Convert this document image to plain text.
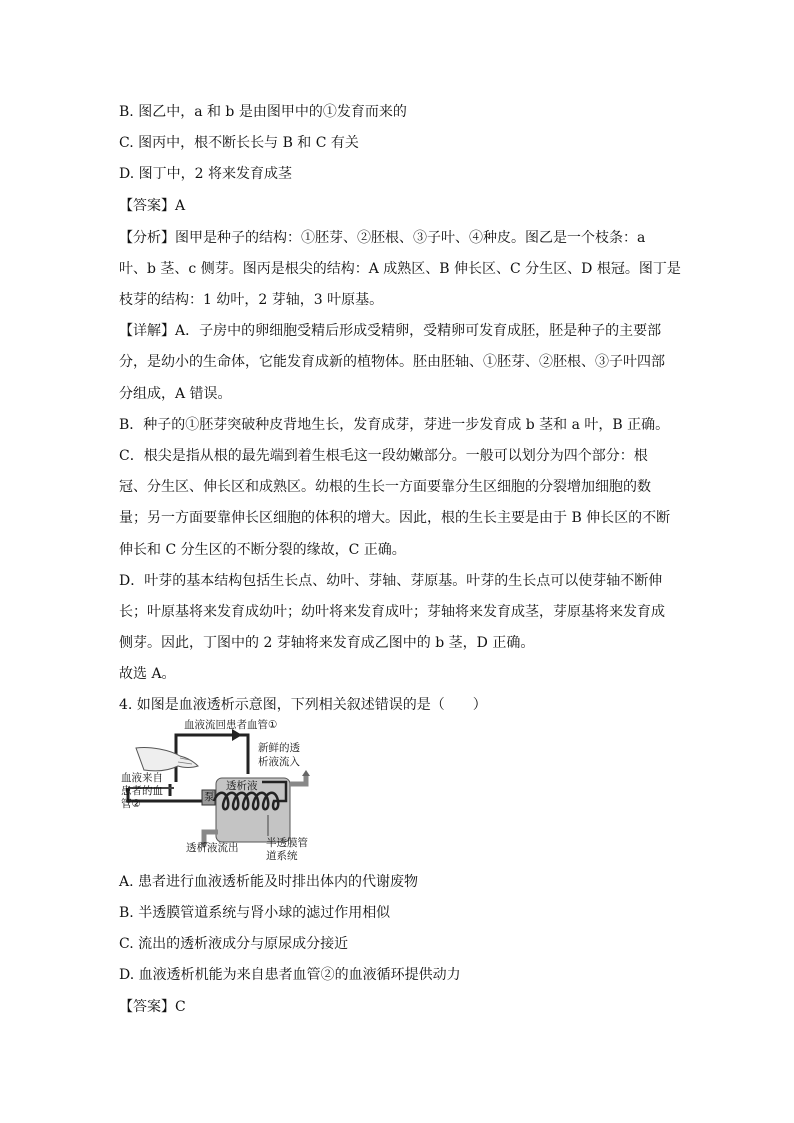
B. 图乙中，a 和 b 是由图甲中的①发育而来的
C. 图丙中，根不断长长与 B 和 C 有关
D. 图丁中，2 将来发育成茎
【答案】A
【分析】图甲是种子的结构：①胚芽、②胚根、③子叶、④种皮。图乙是一个枝条：a
叶、b 茎、c 侧芽。图丙是根尖的结构：A 成熟区、B 伸长区、C 分生区、D 根冠。图丁是
枝芽的结构：1 幼叶，2 芽轴，3 叶原基。
【详解】A．子房中的卵细胞受精后形成受精卵，受精卵可发育成胚，胚是种子的主要部
分，是幼小的生命体，它能发育成新的植物体。胚由胚轴、①胚芽、②胚根、③子叶四部
分组成，A 错误。
B．种子的①胚芽突破种皮背地生长，发育成芽，芽进一步发育成 b 茎和 a 叶，B 正确。
C．根尖是指从根的最先端到着生根毛这一段幼嫩部分。一般可以划分为四个部分：根
冠、分生区、伸长区和成熟区。幼根的生长一方面要靠分生区细胞的分裂增加细胞的数
量；另一方面要靠伸长区细胞的体积的增大。因此，根的生长主要是由于 B 伸长区的不断
伸长和 C 分生区的不断分裂的缘故，C 正确。
D．叶芽的基本结构包括生长点、幼叶、芽轴、芽原基。叶芽的生长点可以使芽轴不断伸
长；叶原基将来发育成幼叶；幼叶将来发育成叶；芽轴将来发育成茎，芽原基将来发育成
侧芽。因此，丁图中的 2 芽轴将来发育成乙图中的 b 茎，D 正确。
故选 A。
4. 如图是血液透析示意图，下列相关叙述错误的是（　　）
血液流回患者血管①
新鲜的透
析液流入
血液来自
患者的血
管②
透析液
泵
透析液流出	半透膜管
道系统
A. 患者进行血液透析能及时排出体内的代谢废物
B. 半透膜管道系统与肾小球的滤过作用相似
C. 流出的透析液成分与原尿成分接近
D. 血液透析机能为来自患者血管②的血液循环提供动力
【答案】C
